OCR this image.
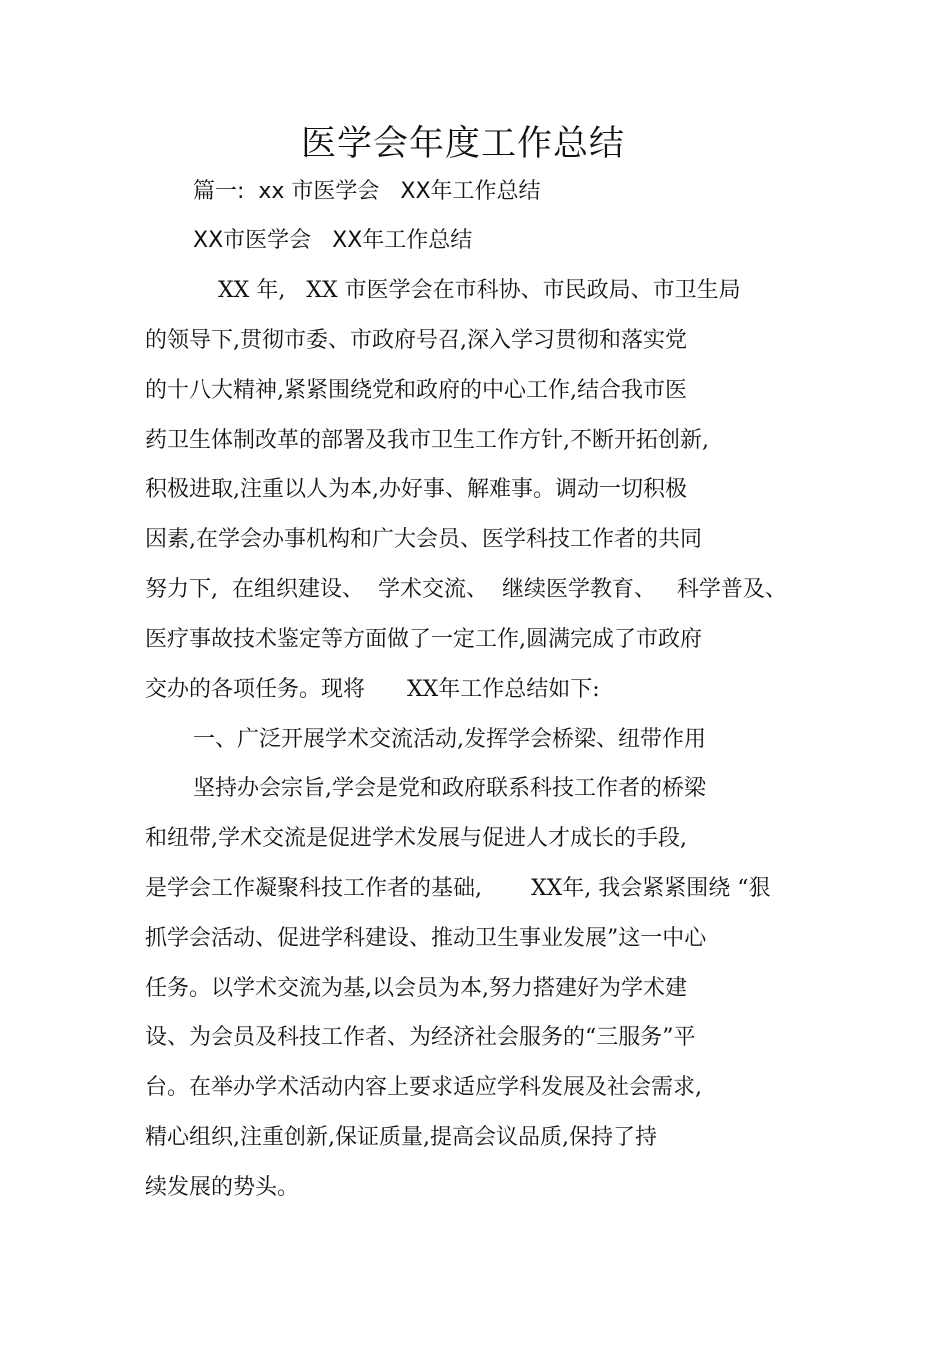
医学会年度工作总结
篇一:  xx 市医学会   XX年工作总结
XX市医学会   XX年工作总结
XX 年,   XX 市医学会在市科协、市民政局、市卫生局
的领导下,贯彻市委、市政府号召,深入学习贯彻和落实党
的十八大精神,紧紧围绕党和政府的中心工作,结合我市医
药卫生体制改革的部署及我市卫生工作方针,不断开拓创新,
积极进取,注重以人为本,办好事、解难事。调动一切积极
因素,在学会办事机构和广大会员、医学科技工作者的共同
努力下,  在组织建设、  学术交流、  继续医学教育、   科学普及、
医疗事故技术鉴定等方面做了一定工作,圆满完成了市政府
交办的各项任务。现将      XX年工作总结如下:
一、广泛开展学术交流活动,发挥学会桥梁、纽带作用
坚持办会宗旨,学会是党和政府联系科技工作者的桥梁
和纽带,学术交流是促进学术发展与促进人才成长的手段,
是学会工作凝聚科技工作者的基础,       XX年, 我会紧紧围绕 “狠
抓学会活动、促进学科建设、推动卫生事业发展”这一中心
任务。以学术交流为基,以会员为本,努力搭建好为学术建
设、为会员及科技工作者、为经济社会服务的“三服务”平
台。在举办学术活动内容上要求适应学科发展及社会需求,
精心组织,注重创新,保证质量,提高会议品质,保持了持
续发展的势头。
